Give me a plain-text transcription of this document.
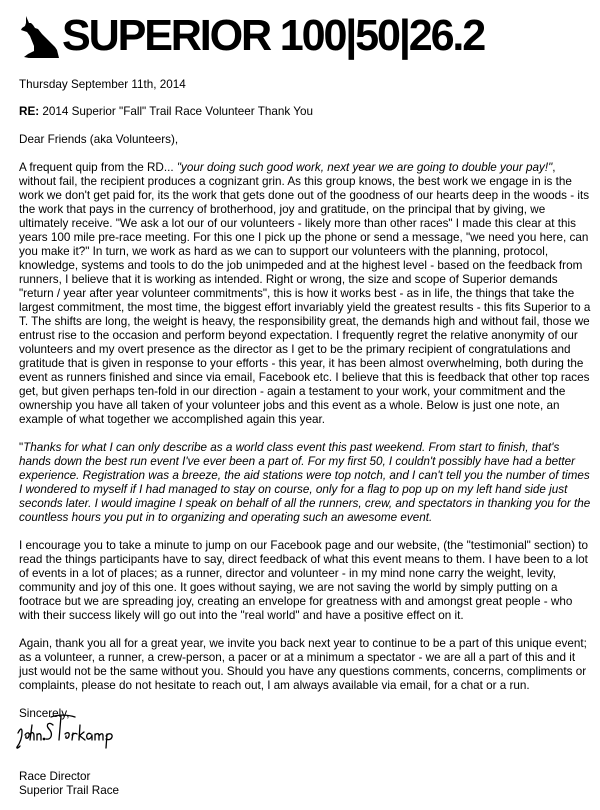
SUPERIOR 100|50|26.2

Thursday September 11th, 2014

RE: 2014 Superior "Fall" Trail Race Volunteer Thank You

Dear Friends (aka Volunteers),

A frequent quip from the RD... "your doing such good work, next year we are going to double your pay!", without fail, the recipient produces a cognizant grin. As this group knows, the best work we engage in is the work we don't get paid for, its the work that gets done out of the goodness of our hearts deep in the woods - its the work that pays in the currency of brotherhood, joy and gratitude, on the principal that by giving, we ultimately receive. "We ask a lot our of our volunteers - likely more than other races" I made this clear at this years 100 mile pre-race meeting. For this one I pick up the phone or send a message, "we need you here, can you make it?" In turn, we work as hard as we can to support our volunteers with the planning, protocol, knowledge, systems and tools to do the job unimpeded and at the highest level - based on the feedback from runners, I believe that it is working as intended. Right or wrong, the size and scope of Superior demands "return / year after year volunteer commitments", this is how it works best - as in life, the things that take the largest commitment, the most time, the biggest effort invariably yield the greatest results - this fits Superior to a T. The shifts are long, the weight is heavy, the responsibility great, the demands high and without fail, those we entrust rise to the occasion and perform beyond expectation. I frequently regret the relative anonymity of our volunteers and my overt presence as the director as I get to be the primary recipient of congratulations and gratitude that is given in response to your efforts - this year, it has been almost overwhelming, both during the event as runners finished and since via email, Facebook etc. I believe that this is feedback that other top races get, but given perhaps ten-fold in our direction - again a testament to your work, your commitment and the ownership you have all taken of your volunteer jobs and this event as a whole. Below is just one note, an example of what together we accomplished again this year.

"Thanks for what I can only describe as a world class event this past weekend. From start to finish, that's hands down the best run event I've ever been a part of. For my first 50, I couldn't possibly have had a better experience. Registration was a breeze, the aid stations were top notch, and I can't tell you the number of times I wondered to myself if I had managed to stay on course, only for a flag to pop up on my left hand side just seconds later. I would imagine I speak on behalf of all the runners, crew, and spectators in thanking you for the countless hours you put in to organizing and operating such an awesome event.

I encourage you to take a minute to jump on our Facebook page and our website, (the "testimonial" section) to read the things participants have to say, direct feedback of what this event means to them. I have been to a lot of events in a lot of places; as a runner, director and volunteer - in my mind none carry the weight, levity, community and joy of this one. It goes without saying, we are not saving the world by simply putting on a footrace but we are spreading joy, creating an envelope for greatness with and amongst great people - who with their success likely will go out into the "real world" and have a positive effect on it.

Again, thank you all for a great year, we invite you back next year to continue to be a part of this unique event; as a volunteer, a runner, a crew-person, a pacer or at a minimum a spectator - we are all a part of this and it just would not be the same without you. Should you have any questions comments, concerns, compliments or complaints, please do not hesitate to reach out, I am always available via email, for a chat or a run.

Sincerely,

Race Director
Superior Trail Race
